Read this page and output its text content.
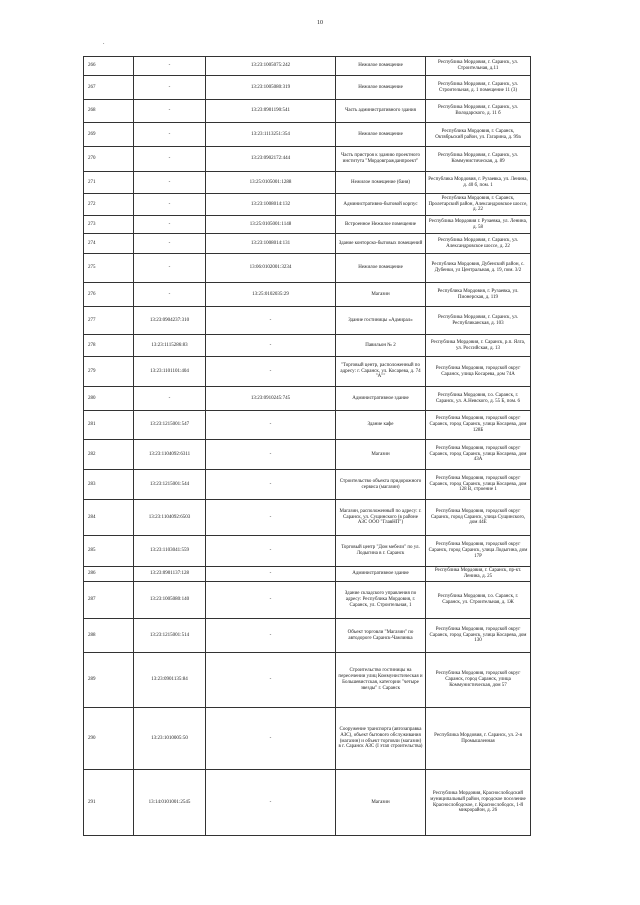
10
.
266	-	13:23:1005075:242	Нежилое помещение	Республика Мордовия, г. Саранск, ул. Строительная, д.11
267	-	13:23:1005080:319	Нежилое помещение	Республика Мордовия, г. Саранск, ул. Строительная, д. 1 помещение 11 (3)
268	-	13:23:0901190:541	Часть административного здания	Республика Мордовия, г. Саранск, ул. Володарского, д. 11 б
269	-	13:23:1113251:354	Нежилое помещение	Республика Мордовия, г. Саранск, Октябрьский район, ул. Гагарина, д. 99а
270	-	13:23:0902172:444	Часть пристроя к зданию проектного института "Мордовгражданпроект"	Республика Мордовия, г. Саранск, ул. Коммунистическая, д. 89
271	-	13:25:0105001:1288	Нежилое помещение (баня)	Республика Мордовия, г. Рузаевка, ул. Ленина, д. 40 б, пом. 1
272	-	13:23:1008014:132	Административно-бытовой корпус	Республика Мордовия, г. Саранск, Пролетарский район, Александровское шоссе, д. 22
273	-	13:25:0105001:1148	Встроенное Нежилое помещение	Республика Мордовия г. Рузаевка, ул. Ленина, д. 58
274	-	13:23:1008014:131	Здание конторско-бытовых помещений	Республика Мордовия, г. Саранск, ул. Александровское шоссе, д. 22
275	-	13:06:0102001:3234	Нежилое помещение	Республика Мордовия, Дубенский район, с. Дубенки, ул Центральная, д. 19, пом. 3/2
276	-	13:25:0102035:29	Магазин	Республика Мордовия, г. Рузаевка, ул. Пионерская, д. 119
277	13:23:0904237:310	-	Здание гостиницы «Адмирал»	Республика Мордовия, г. Саранск, ул. Республиканская, д. 103
278	13:23:1115286:83	-	Павильон № 2	Республика Мордовия, г. Саранск, р.п. Ялга, ул. Российская, д. 13
279	13:23:1101101:404	-	"Торговый центр, расположенный по адресу: г. Саранск, ул. Косарева, д. 74 "А""	Республика Мордовия, городской округ Саранск, улица Косарева, дом 74А
280	-	13:23:0910245:745	Административное здание	Республика Мордовия, г.о. Саранск, г. Саранск, ул. А.Невского, д. 55 Б, пом. 6
281	13:23:1215001:547	-	Здание кафе	Республика Мордовия, городской округ Саранск, город Саранск, улица Косарева, дом 128Б
282	13:23:1104092:6311	-	Магазин	Республика Мордовия, городской округ Саранск, город Саранск, улица Косарева, дом 43А
283	13:23:1215001:544	-	Строительство объекта придорожного сервиса (магазин)	Республика Мордовия, городской округ Саранск, город Саранск, улица Косарева, дом 128 В, строение 1
284	13:23:1104092:6503	-	Магазин, расположенный по адресу: г. Саранск, ул. Сущинского (в районе АЗС ООО "ГлавНП")	Республика Мордовия, городской округ Саранск, город Саранск, улица Сущинского, дом 44Е
285	13:23:1103041:559	-	Торговый центр "Дом мебели" по ул. Лодыгина в г. Саранск	Республика Мордовия, городской округ Саранск, город Саранск, улица Лодыгина, дом 17Р
286	13:23:0901137:128	-	Административное здание	Республика Мордовия, г. Саранск, пр-кт. Ленина, д. 25
287	13:23:1005080:140	-	Здание складского управления по адресу: Республика Мордовия, г. Саранск, ул. Строительная, 1	Республика Мордовия, г.о. Саранск, г. Саранск, ул. Строительная, д. 1Ж
288	13:23:1215001:514	-	Объект торговли "Магазин" по автодороге Саранск-Чамзинка	Республика Мордовия, городской округ Саранск, город Саранск, улица Косарева, дом 130
289	13:23:0901135:84	-	Строительство гостиницы на пересечении улиц Коммунистическая и Большевистская, категории "четыре звезды" г. Саранск	Республика Мордовия, городской округ Саранск, город Саранск, улица Коммунистическая, дом 57
290	13:23:1010005:50	-	Сооружение транспорта (автозаправка АЗС), объект бытового обслуживания (магазин) и объект торговли (магазин) в г. Саранск АЗС (I этап строительства)	Республика Мордовия, г. Саранск, ул. 2-я Промышленная
291	13:14:0101001:2545	-	Магазин	Республика Мордовия, Краснослободский муниципальный район, городское поселение Краснослободское, г. Краснослободск, 1-й микрорайон, д. 26
